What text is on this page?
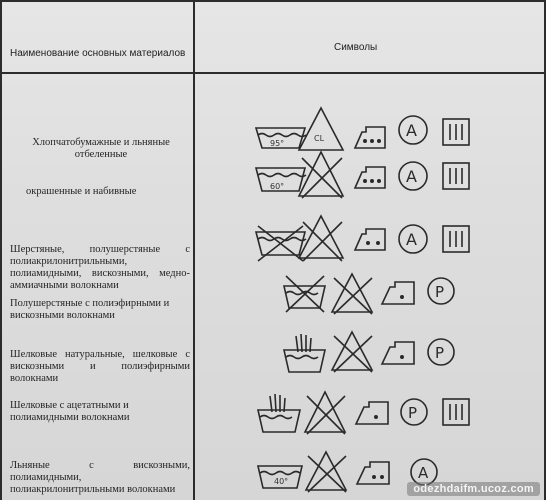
Наименование основных материалов
Символы
Хлопчатобумажные и льняные отбеленные
окрашенные и набивные
Шерстяные, полушерстяные с полиакрилонитрильными, полиамидными, вискозными, медно-аммиачными волокнами
Полушерстяные с полиэфирными и вискозными волокнами
Шелковые натуральные, шелковые с вискозными и полиэфирными волокнами
Шелковые с ацетатными и полиамидными волокнами
Льняные с вискозными, полиамидными, полиакрилонитрильными волокнами
95°
CL	A
60°
A
A
P
P
P
40°	A
odezhdaifm.ucoz.com
